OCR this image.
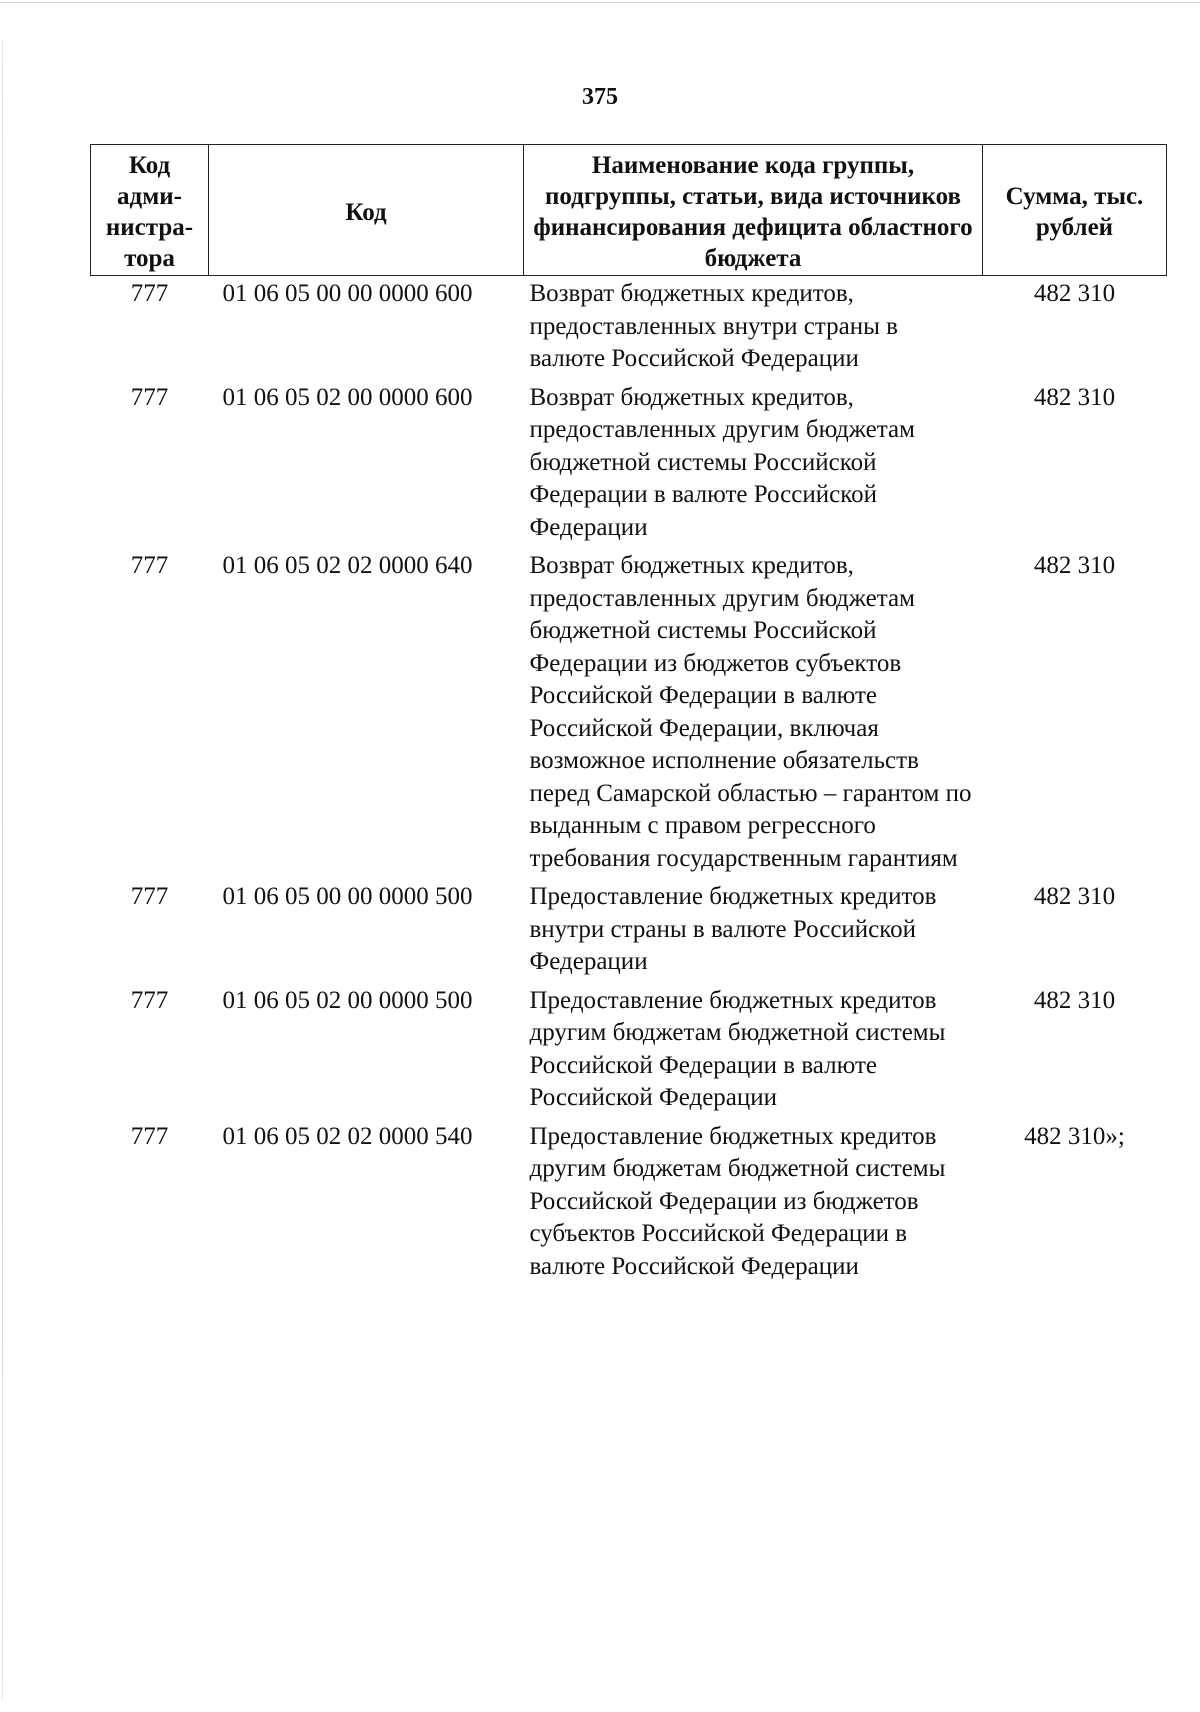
375
Код адми-нистра-тора	Код	Наименование кода группы, подгруппы, статьи, вида источников финансирования дефицита областного бюджета	Сумма, тыс. рублей
777	01 06 05 00 00 0000 600	Возврат бюджетных кредитов, предоставленных внутри страны в валюте Российской Федерации	482 310
777	01 06 05 02 00 0000 600	Возврат бюджетных кредитов, предоставленных другим бюджетам бюджетной системы Российской Федерации в валюте Российской Федерации	482 310
777	01 06 05 02 02 0000 640	Возврат бюджетных кредитов, предоставленных другим бюджетам бюджетной системы Российской Федерации из бюджетов субъектов Российской Федерации в валюте Российской Федерации, включая возможное исполнение обязательств перед Самарской областью – гарантом по выданным с правом регрессного требования государственным гарантиям	482 310
777	01 06 05 00 00 0000 500	Предоставление бюджетных кредитов внутри страны в валюте Российской Федерации	482 310
777	01 06 05 02 00 0000 500	Предоставление бюджетных кредитов другим бюджетам бюджетной системы Российской Федерации в валюте Российской Федерации	482 310
777	01 06 05 02 02 0000 540	Предоставление бюджетных кредитов другим бюджетам бюджетной системы Российской Федерации из бюджетов субъектов Российской Федерации в валюте Российской Федерации	482 310»;
